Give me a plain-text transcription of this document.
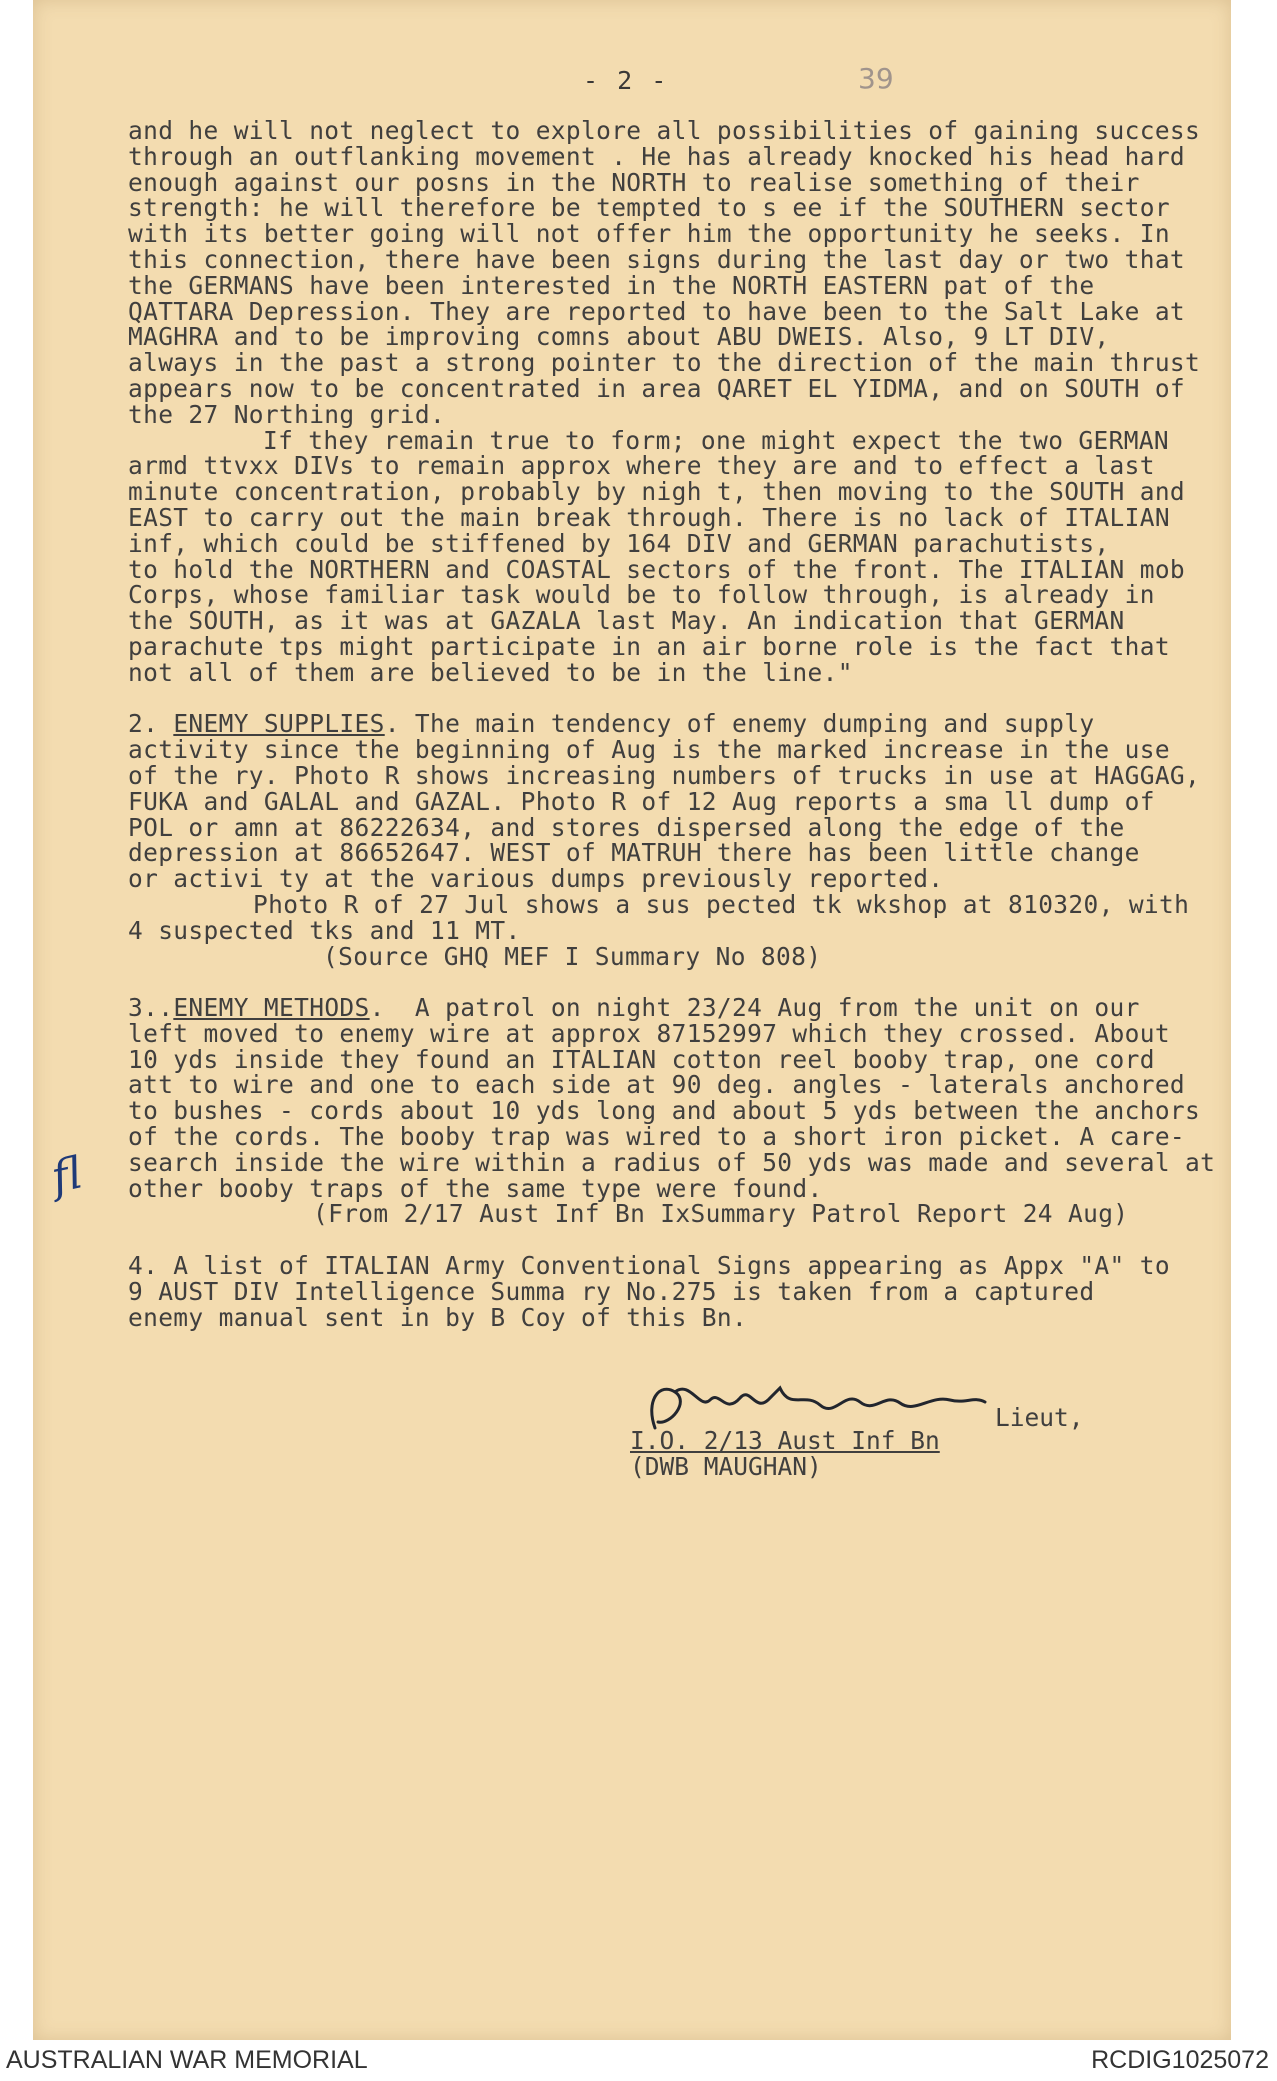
- 2 -	39
and he will not neglect to explore all possibilities of gaining success
through an outflanking movement . He has already knocked his head hard
enough against our posns in the NORTH to realise something of their
strength: he will therefore be tempted to s ee if the SOUTHERN sector
with its better going will not offer him the opportunity he seeks. In
this connection, there have been signs during the last day or two that
the GERMANS have been interested in the NORTH EASTERN pat of the
QATTARA Depression. They are reported to have been to the Salt Lake at
MAGHRA and to be improving comns about ABU DWEIS. Also, 9 LT DIV,
always in the past a strong pointer to the direction of the main thrust
appears now to be concentrated in area QARET EL YIDMA, and on SOUTH of
the 27 Northing grid.
If they remain true to form; one might expect the two GERMAN
armd ttvxx DIVs to remain approx where they are and to effect a last
minute concentration, probably by nigh t, then moving to the SOUTH and
EAST to carry out the main break through. There is no lack of ITALIAN
inf, which could be stiffened by 164 DIV and GERMAN parachutists,
to hold the NORTHERN and COASTAL sectors of the front. The ITALIAN mob
Corps, whose familiar task would be to follow through, is already in
the SOUTH, as it was at GAZALA last May. An indication that GERMAN
parachute tps might participate in an air borne role is the fact that
not all of them are believed to be in the line."
2. ENEMY SUPPLIES. The main tendency of enemy dumping and supply
activity since the beginning of Aug is the marked increase in the use
of the ry. Photo R shows increasing numbers of trucks in use at HAGGAG,
FUKA and GALAL and GAZAL. Photo R of 12 Aug reports a sma ll dump of
POL or amn at 86222634, and stores dispersed along the edge of the
depression at 86652647. WEST of MATRUH there has been little change
or activi ty at the various dumps previously reported.
Photo R of 27 Jul shows a sus pected tk wkshop at 810320, with
4 suspected tks and 11 MT.
(Source GHQ MEF I Summary No 808)
3..ENEMY METHODS.  A patrol on night 23/24 Aug from the unit on our
left moved to enemy wire at approx 87152997 which they crossed. About
10 yds inside they found an ITALIAN cotton reel booby trap, one cord
att to wire and one to each side at 90 deg. angles - laterals anchored
to bushes - cords about 10 yds long and about 5 yds between the anchors
of the cords. The booby trap was wired to a short iron picket. A care-
search inside the wire within a radius of 50 yds was made and several at
other booby traps of the same type were found.
(From 2/17 Aust Inf Bn IxSummary Patrol Report 24 Aug)
4. A list of ITALIAN Army Conventional Signs appearing as Appx "A" to
9 AUST DIV Intelligence Summa ry No.275 is taken from a captured
enemy manual sent in by B Coy of this Bn.
fl
Lieut,
I.O. 2/13 Aust Inf Bn
(DWB MAUGHAN)
AUSTRALIAN WAR MEMORIAL	RCDIG1025072
